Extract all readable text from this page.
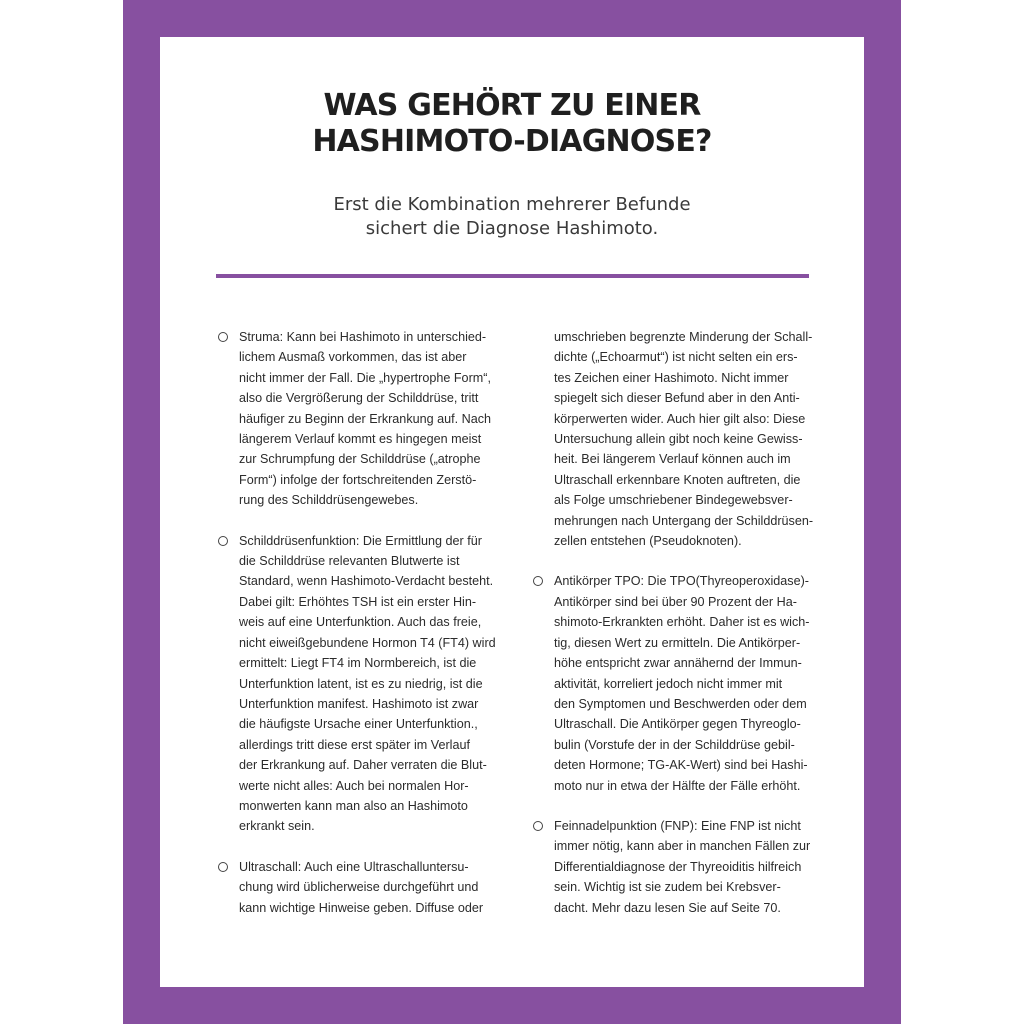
WAS GEHÖRT ZU EINER
HASHIMOTO-DIAGNOSE?

Erst die Kombination mehrerer Befunde
sichert die Diagnose Hashimoto.

Struma: Kann bei Hashimoto in unterschied-
lichem Ausmaß vorkommen, das ist aber
nicht immer der Fall. Die „hypertrophe Form“,
also die Vergrößerung der Schilddrüse, tritt
häufiger zu Beginn der Erkrankung auf. Nach
längerem Verlauf kommt es hingegen meist
zur Schrumpfung der Schilddrüse („atrophe
Form“) infolge der fortschreitenden Zerstö-
rung des Schilddrüsengewebes.
Schilddrüsenfunktion: Die Ermittlung der für
die Schilddrüse relevanten Blutwerte ist
Standard, wenn Hashimoto-Verdacht besteht.
Dabei gilt: Erhöhtes TSH ist ein erster Hin-
weis auf eine Unterfunktion. Auch das freie,
nicht eiweißgebundene Hormon T4 (FT4) wird
ermittelt: Liegt FT4 im Normbereich, ist die
Unterfunktion latent, ist es zu niedrig, ist die
Unterfunktion manifest. Hashimoto ist zwar
die häufigste Ursache einer Unterfunktion.,
allerdings tritt diese erst später im Verlauf
der Erkrankung auf. Daher verraten die Blut-
werte nicht alles: Auch bei normalen Hor-
monwerten kann man also an Hashimoto
erkrankt sein.
Ultraschall: Auch eine Ultraschalluntersu-
chung wird üblicherweise durchgeführt und
kann wichtige Hinweise geben. Diffuse oder
umschrieben begrenzte Minderung der Schall-
dichte („Echoarmut“) ist nicht selten ein ers-
tes Zeichen einer Hashimoto. Nicht immer
spiegelt sich dieser Befund aber in den Anti-
körperwerten wider. Auch hier gilt also: Diese
Untersuchung allein gibt noch keine Gewiss-
heit. Bei längerem Verlauf können auch im
Ultraschall erkennbare Knoten auftreten, die
als Folge umschriebener Bindegewebsver-
mehrungen nach Untergang der Schilddrüsen-
zellen entstehen (Pseudoknoten).
Antikörper TPO: Die TPO(Thyreoperoxidase)-
Antikörper sind bei über 90 Prozent der Ha-
shimoto-Erkrankten erhöht. Daher ist es wich-
tig, diesen Wert zu ermitteln. Die Antikörper-
höhe entspricht zwar annähernd der Immun-
aktivität, korreliert jedoch nicht immer mit
den Symptomen und Beschwerden oder dem
Ultraschall. Die Antikörper gegen Thyreoglo-
bulin (Vorstufe der in der Schilddrüse gebil-
deten Hormone; TG-AK-Wert) sind bei Hashi-
moto nur in etwa der Hälfte der Fälle erhöht.
Feinnadelpunktion (FNP): Eine FNP ist nicht
immer nötig, kann aber in manchen Fällen zur
Differentialdiagnose der Thyreoiditis hilfreich
sein. Wichtig ist sie zudem bei Krebsver-
dacht. Mehr dazu lesen Sie auf Seite 70.
